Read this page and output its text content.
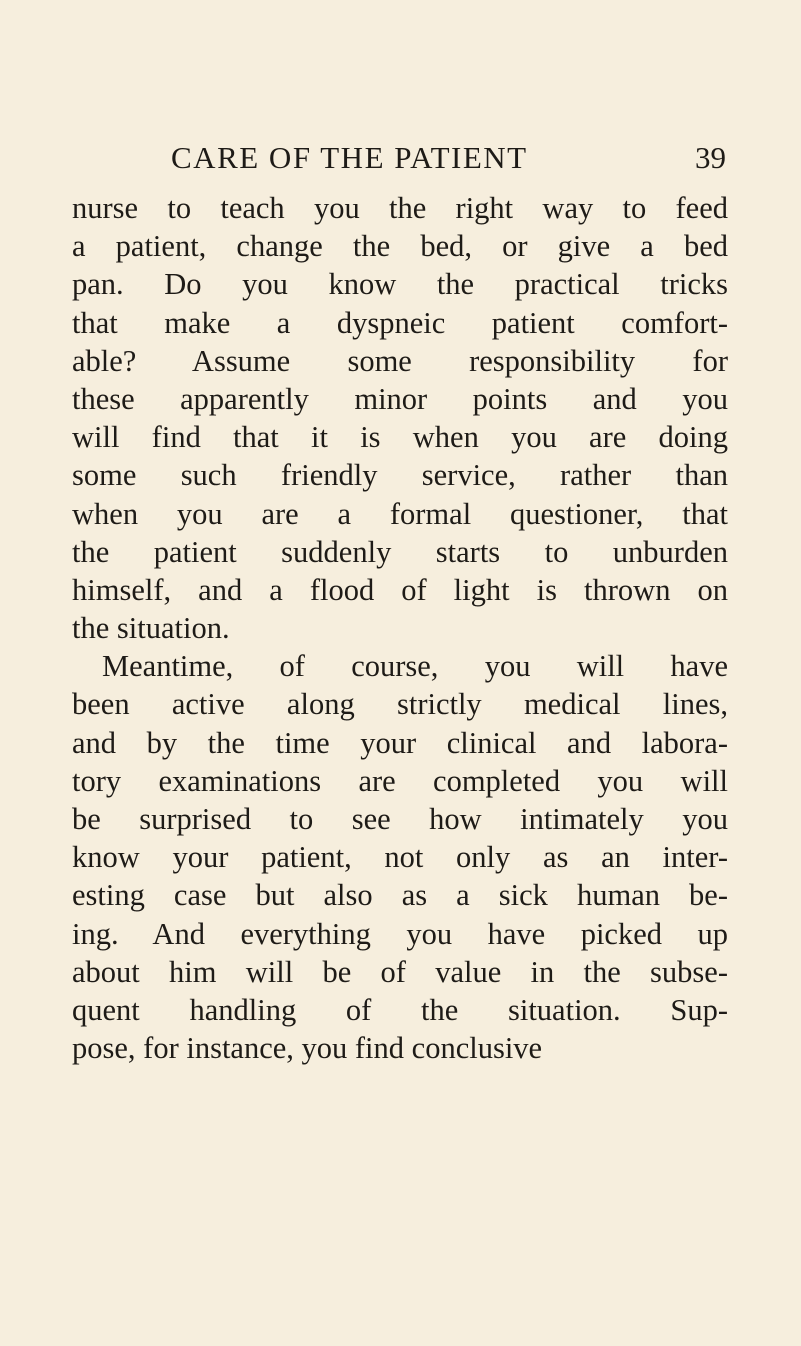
CARE OF THE PATIENT	39
nurse to teach you the right way to feed
a patient, change the bed, or give a bed
pan. Do you know the practical tricks
that make a dyspneic patient comfort-
able? Assume some responsibility for
these apparently minor points and you
will find that it is when you are doing
some such friendly service, rather than
when you are a formal questioner, that
the patient suddenly starts to unburden
himself, and a flood of light is thrown on
the situation.
Meantime, of course, you will have
been active along strictly medical lines,
and by the time your clinical and labora-
tory examinations are completed you will
be surprised to see how intimately you
know your patient, not only as an inter-
esting case but also as a sick human be-
ing. And everything you have picked up
about him will be of value in the subse-
quent handling of the situation. Sup-
pose, for instance, you find conclusive
